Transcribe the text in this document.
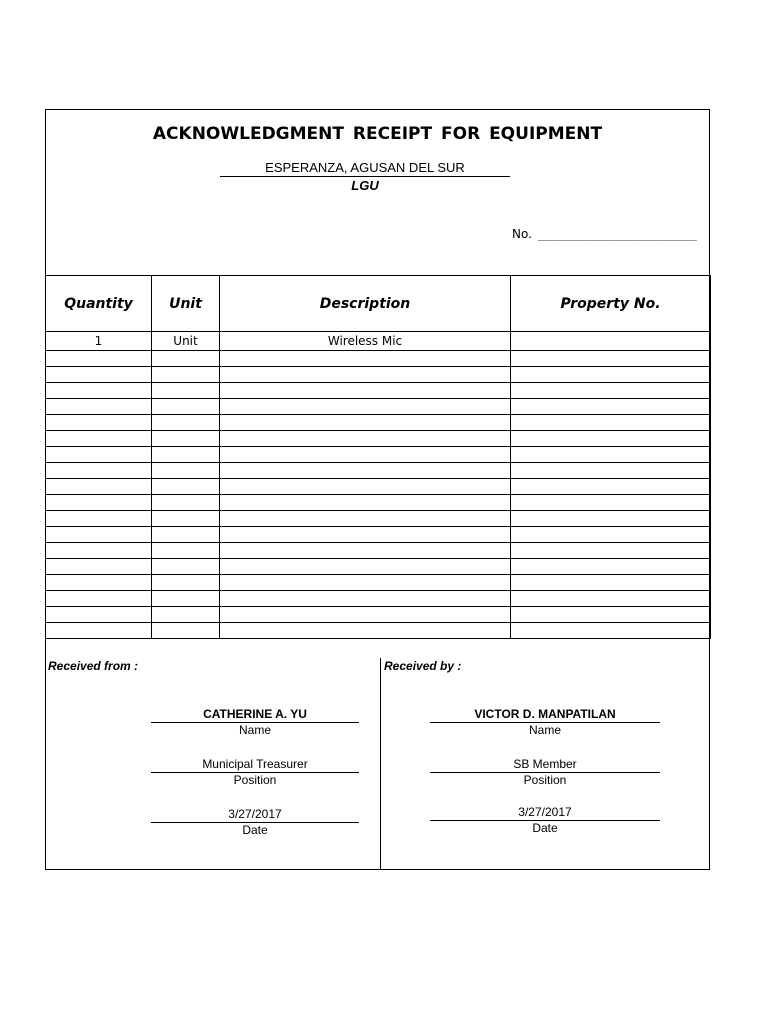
ACKNOWLEDGMENT RECEIPT FOR EQUIPMENT
ESPERANZA, AGUSAN DEL SUR
LGU
No. ________________________
Quantity	Unit	Description	Property No.
1	Unit	Wireless Mic	

Received from :
CATHERINE A. YU
Name
Municipal Treasurer
Position
3/27/2017
Date
Received by :
VICTOR D. MANPATILAN
Name
SB Member
Position
3/27/2017
Date
